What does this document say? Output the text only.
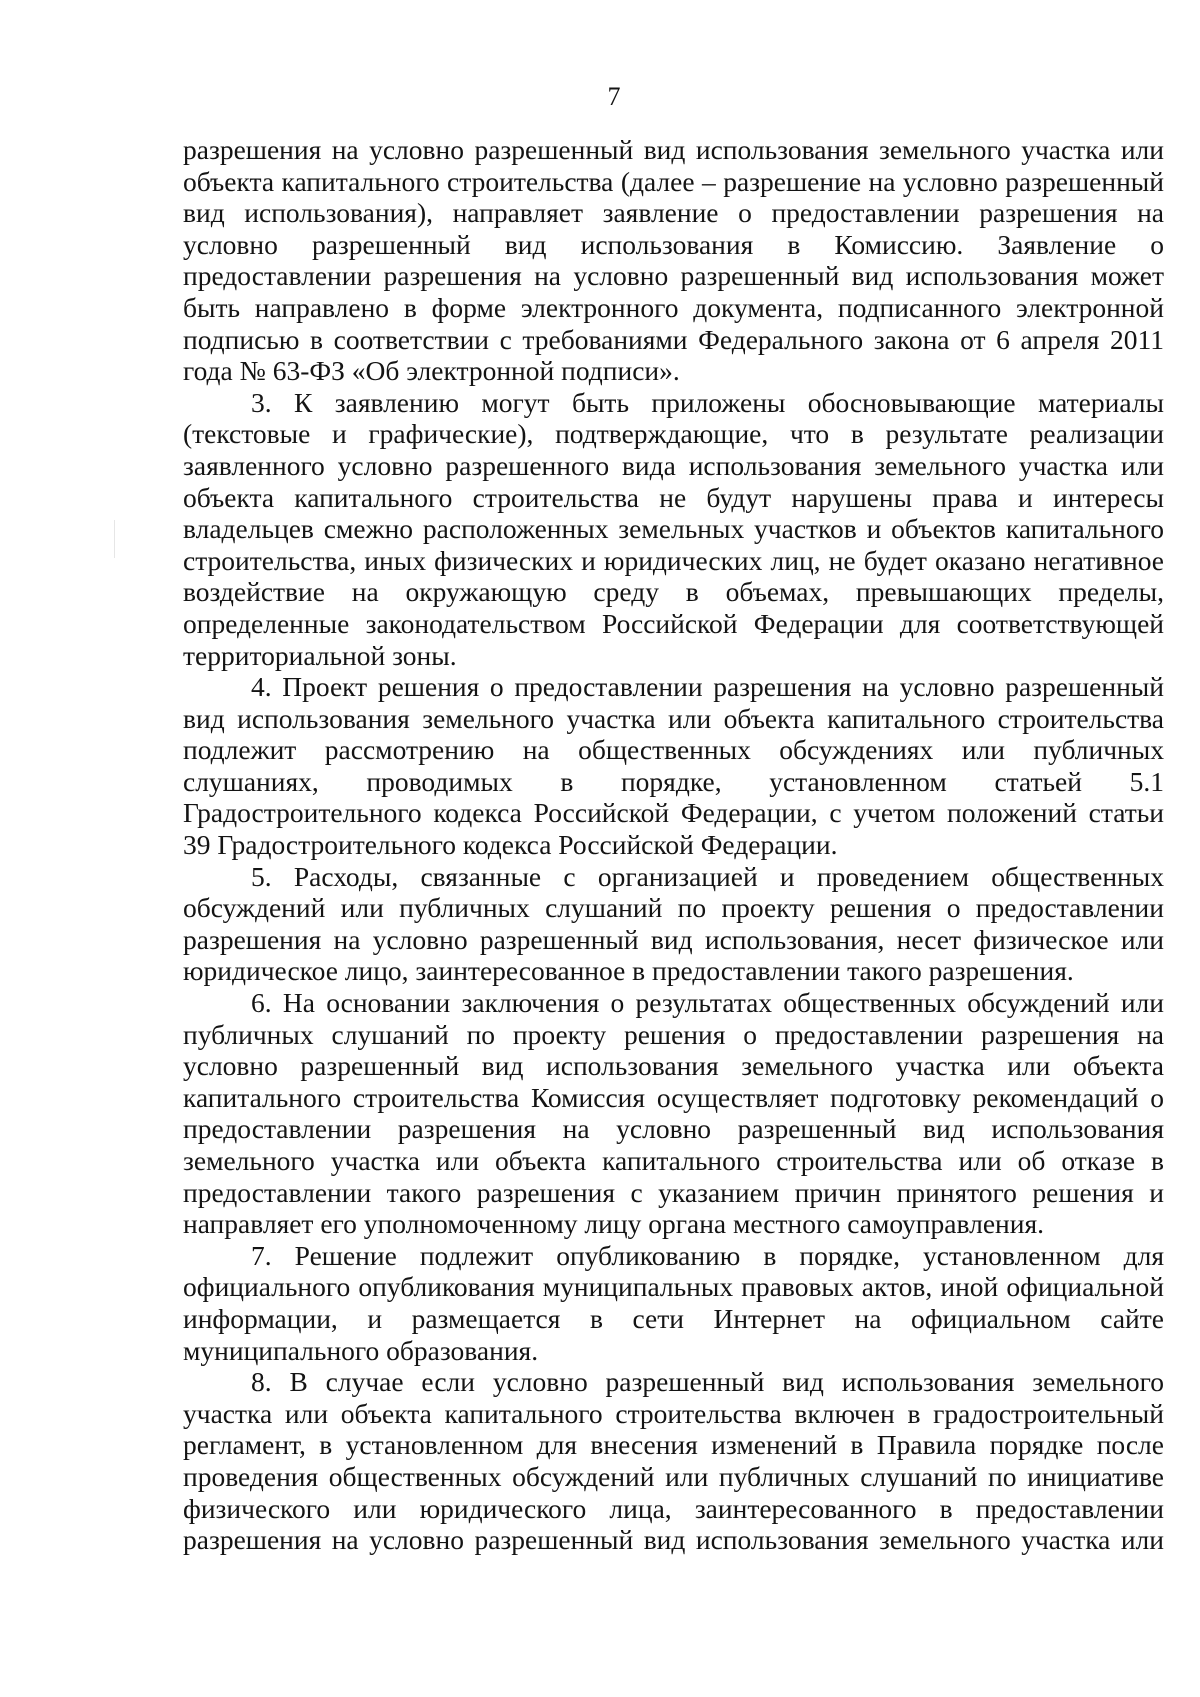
7

разрешения на условно разрешенный вид использования земельного участка или объекта капитального строительства (далее – разрешение на условно разрешенный вид использования), направляет заявление о предоставлении разрешения на условно разрешенный вид использования в Комиссию. Заявление о предоставлении разрешения на условно разрешенный вид использования может быть направлено в форме электронного документа, подписанного электронной подписью в соответствии с требованиями Федерального закона от 6 апреля 2011 года № 63-ФЗ «Об электронной подписи».

3. К заявлению могут быть приложены обосновывающие материалы (текстовые и графические), подтверждающие, что в результате реализации заявленного условно разрешенного вида использования земельного участка или объекта капитального строительства не будут нарушены права и интересы владельцев смежно расположенных земельных участков и объектов капитального строительства, иных физических и юридических лиц, не будет оказано негативное воздействие на окружающую среду в объемах, превышающих пределы, определенные законодательством Российской Федерации для соответствующей территориальной зоны.

4. Проект решения о предоставлении разрешения на условно разрешенный вид использования земельного участка или объекта капитального строительства подлежит рассмотрению на общественных обсуждениях или публичных слушаниях, проводимых в порядке, установленном статьей 5.1 Градостроительного кодекса Российской Федерации, с учетом положений статьи 39 Градостроительного кодекса Российской Федерации.

5. Расходы, связанные с организацией и проведением общественных обсуждений или публичных слушаний по проекту решения о предоставлении разрешения на условно разрешенный вид использования, несет физическое или юридическое лицо, заинтересованное в предоставлении такого разрешения.

6. На основании заключения о результатах общественных обсуждений или публичных слушаний по проекту решения о предоставлении разрешения на условно разрешенный вид использования земельного участка или объекта капитального строительства Комиссия осуществляет подготовку рекомендаций о предоставлении разрешения на условно разрешенный вид использования земельного участка или объекта капитального строительства или об отказе в предоставлении такого разрешения с указанием причин принятого решения и направляет его уполномоченному лицу органа местного самоуправления.

7. Решение подлежит опубликованию в порядке, установленном для официального опубликования муниципальных правовых актов, иной официальной информации, и размещается в сети Интернет на официальном сайте муниципального образования.

8. В случае если условно разрешенный вид использования земельного участка или объекта капитального строительства включен в градостроительный регламент, в установленном для внесения изменений в Правила порядке после проведения общественных обсуждений или публичных слушаний по инициативе физического или юридического лица, заинтересованного в предоставлении разрешения на условно разрешенный вид использования земельного участка или
